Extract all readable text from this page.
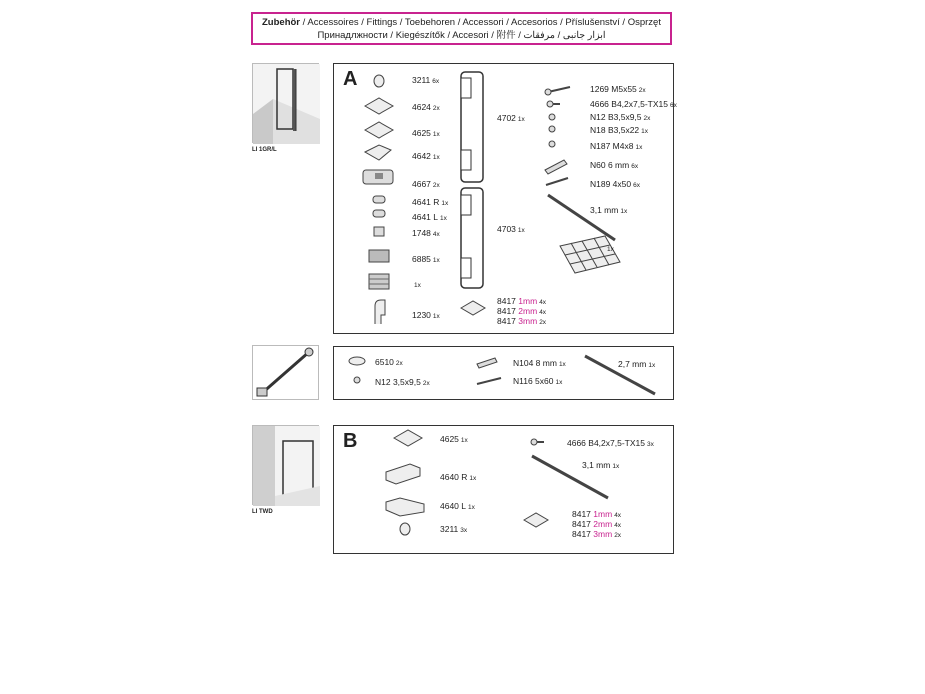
Zubehör / Accessoires / Fittings / Toebehoren / Accessori / Accesorios / Příslušenství / Osprzęt
Принадлжности / Kiegészítők / Accesori / 附件 / ابزار جانبی / مرفقات
LI 1GR/L
A	3211 6x
4624 2x
4625 1x
4642 1x
4667 2x
4641 R 1x
4641 L 1x
1748 4x
6885 1x
1x
1230 1x
4702 1x
4703 1x
8417 1mm 4x
8417 2mm 4x
8417 3mm 2x
1269 M5x55 2x
4666 B4,2x7,5-TX15 6x
N12 B3,5x9,5 2x
N18 B3,5x22 1x
N187 M4x8 1x
N60 6 mm 6x
N189 4x50 6x
3,1 mm 1x
1x
6510 2x
N12 3,5x9,5 2x
N104 8 mm 1x
N116 5x60 1x
2,7 mm 1x
LI TWD
B	4625 1x
4640 R 1x
4640 L 1x
3211 3x
4666 B4,2x7,5-TX15 3x
3,1 mm 1x
8417 1mm 4x
8417 2mm 4x
8417 3mm 2x
